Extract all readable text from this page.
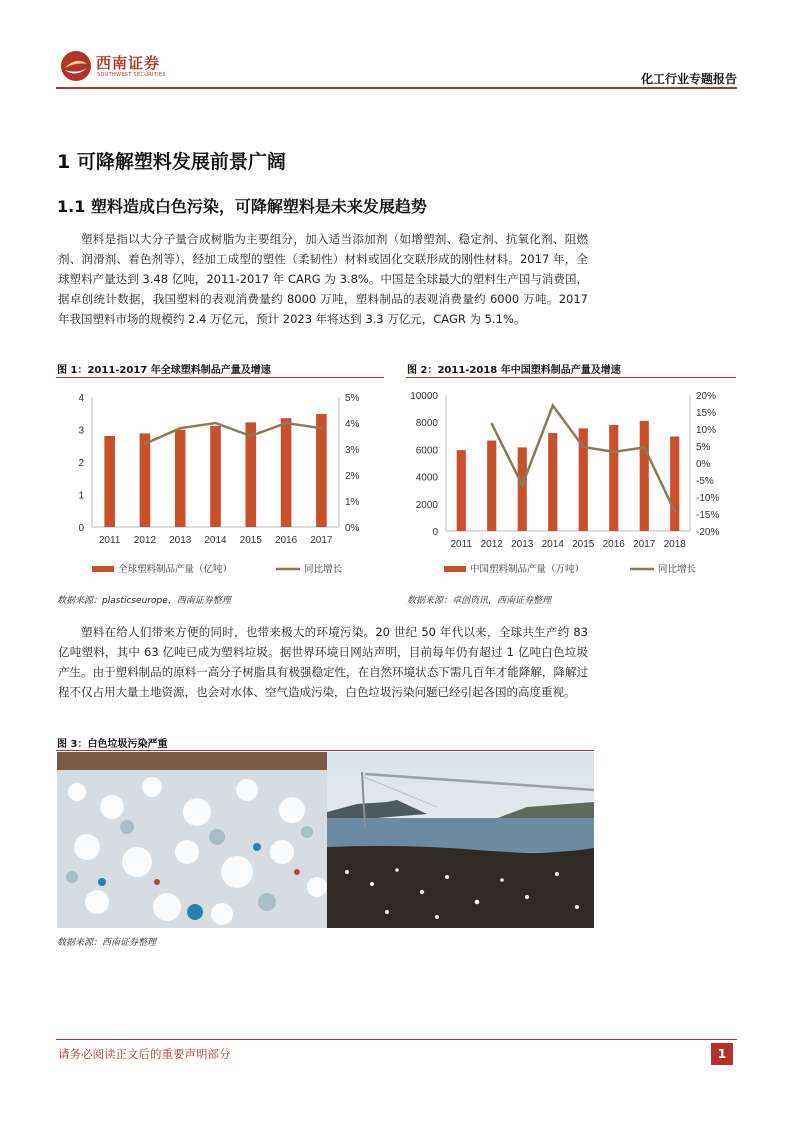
西南证券
SOUTHWEST SECURITIES	化工行业专题报告
1 可降解塑料发展前景广阔
1.1 塑料造成白色污染，可降解塑料是未来发展趋势
塑料是指以大分子量合成树脂为主要组分，加入适当添加剂（如增塑剂、稳定剂、抗氧化剂、阻燃剂、润滑剂、着色剂等），经加工成型的塑性（柔韧性）材料或固化交联形成的刚性材料。2017 年，全球塑料产量达到 3.48 亿吨，2011-2017 年 CARG 为 3.8%。中国是全球最大的塑料生产国与消费国，据卓创统计数据，我国塑料的表观消费量约 8000 万吨，塑料制品的表观消费量约 6000 万吨。2017 年我国塑料市场的规模约 2.4 万亿元，预计 2023 年将达到 3.3 万亿元，CAGR 为 5.1%。
图 1：2011-2017 年全球塑料制品产量及增速
0
1
2
3
4
0%
1%
2%
3%
4%
5%
2011 2012 2013 2014 2015 2016 2017
全球塑料制品产量（亿吨）	同比增长
数据来源：plasticseurope，西南证券整理
图 2：2011-2018 年中国塑料制品产量及增速
0
2000
4000
6000
8000
10000
-20%
-15%
-10%
-5%
0%
5%
10%
15%
20%
2011 2012 2013 2014 2015 2016 2017 2018
中国塑料制品产量（万吨）	同比增长
数据来源：卓创资讯，西南证券整理
塑料在给人们带来方便的同时，也带来极大的环境污染。20 世纪 50 年代以来，全球共生产约 83 亿吨塑料，其中 63 亿吨已成为塑料垃圾。据世界环境日网站声明，目前每年仍有超过 1 亿吨白色垃圾产生。由于塑料制品的原料一高分子树脂具有极强稳定性，在自然环境状态下需几百年才能降解，降解过程不仅占用大量土地资源，也会对水体、空气造成污染，白色垃圾污染问题已经引起各国的高度重视。
图 3：白色垃圾污染严重
数据来源：西南证券整理
请务必阅读正文后的重要声明部分	1
